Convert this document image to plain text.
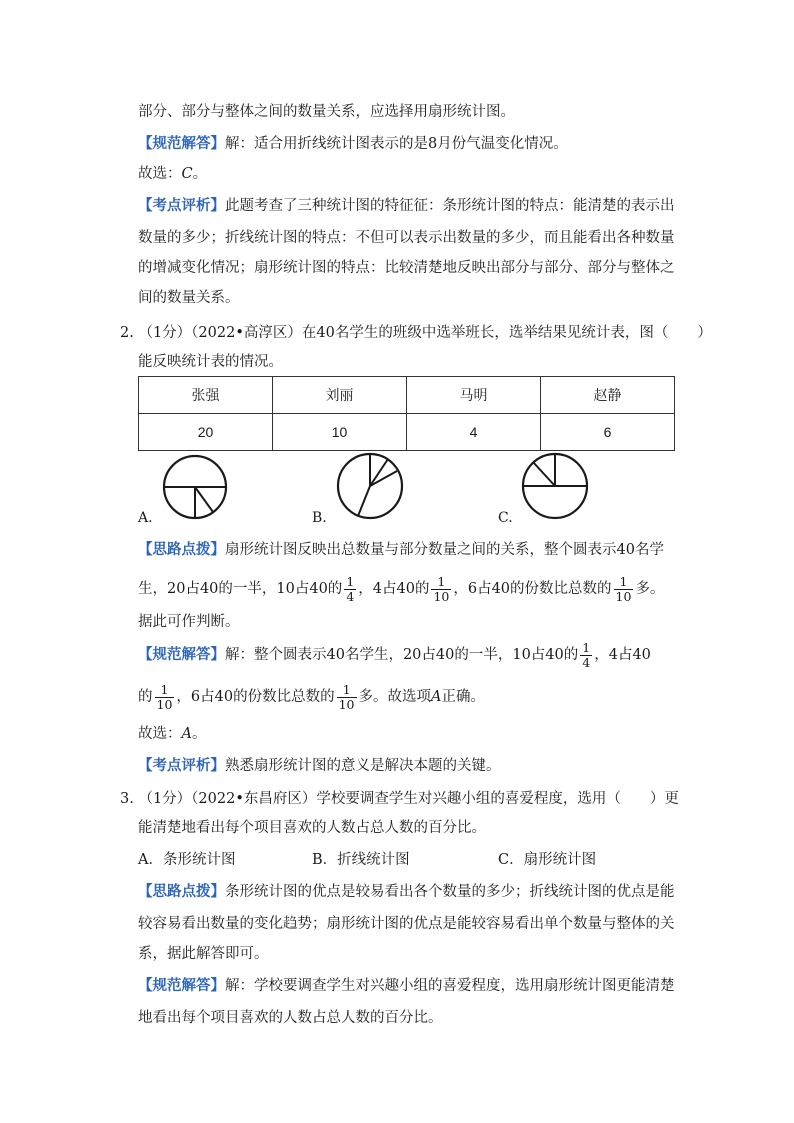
部分、部分与整体之间的数量关系，应选择用扇形统计图。
【规范解答】解：适合用折线统计图表示的是8月份气温变化情况。
故选：C。
【考点评析】此题考查了三种统计图的特征征：条形统计图的特点：能清楚的表示出
数量的多少；折线统计图的特点：不但可以表示出数量的多少，而且能看出各种数量
的增减变化情况；扇形统计图的特点：比较清楚地反映出部分与部分、部分与整体之
间的数量关系。
2. （1分）（2022•高淳区）在40名学生的班级中选举班长，选举结果见统计表，图（　　）
能反映统计表的情况。
张强	刘丽	马明	赵静
20	10	4	6
A.	B.	C.
【思路点拨】扇形统计图反映出总数量与部分数量之间的关系，整个圆表示40名学
生，20占40的一半，10占40的 $\frac{1}{4}$ ，4占40的 $\frac{1}{10}$ ，6占40的份数比总数的 $\frac{1}{10}$ 多。
据此可作判断。
【规范解答】解：整个圆表示40名学生，20占40的一半，10占40的 $\frac{1}{4}$ ，4占40
的 $\frac{1}{10}$ ，6占40的份数比总数的 $\frac{1}{10}$ 多。故选项A正确。
故选：A。
【考点评析】熟悉扇形统计图的意义是解决本题的关键。
3. （1分）（2022•东昌府区）学校要调查学生对兴趣小组的喜爱程度，选用（　　）更
能清楚地看出每个项目喜欢的人数占总人数的百分比。
A．条形统计图	B．折线统计图	C．扇形统计图
【思路点拨】条形统计图的优点是较易看出各个数量的多少；折线统计图的优点是能
较容易看出数量的变化趋势；扇形统计图的优点是能较容易看出单个数量与整体的关
系，据此解答即可。
【规范解答】解：学校要调查学生对兴趣小组的喜爱程度，选用扇形统计图更能清楚
地看出每个项目喜欢的人数占总人数的百分比。
